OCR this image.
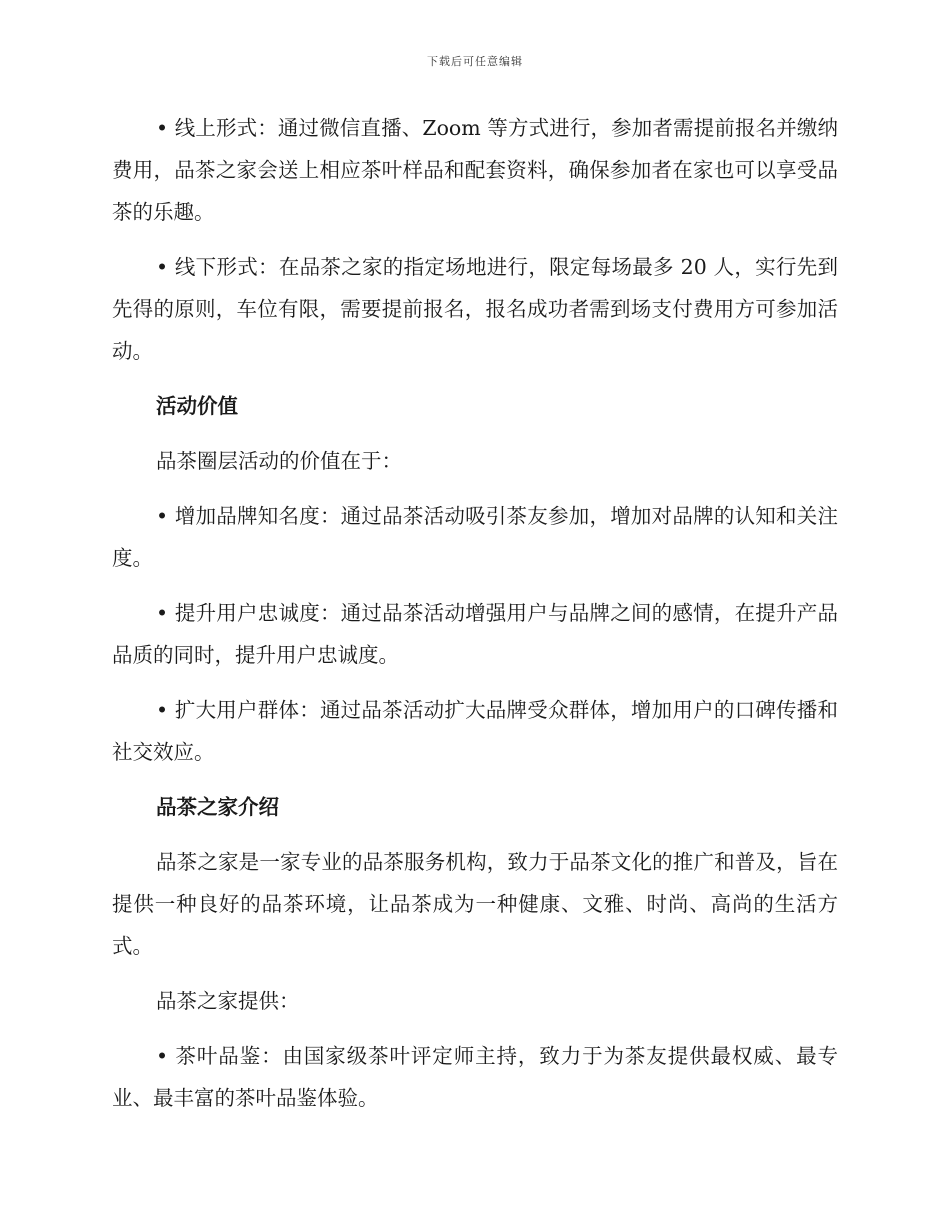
下载后可任意编辑

• 线上形式：通过微信直播、Zoom 等方式进行，参加者需提前报名并缴纳费用，品茶之家会送上相应茶叶样品和配套资料，确保参加者在家也可以享受品茶的乐趣。

• 线下形式：在品茶之家的指定场地进行，限定每场最多 20 人，实行先到先得的原则，车位有限，需要提前报名，报名成功者需到场支付费用方可参加活动。

活动价值

品茶圈层活动的价值在于：

• 增加品牌知名度：通过品茶活动吸引茶友参加，增加对品牌的认知和关注度。

• 提升用户忠诚度：通过品茶活动增强用户与品牌之间的感情，在提升产品品质的同时，提升用户忠诚度。

• 扩大用户群体：通过品茶活动扩大品牌受众群体，增加用户的口碑传播和社交效应。

品茶之家介绍

品茶之家是一家专业的品茶服务机构，致力于品茶文化的推广和普及，旨在提供一种良好的品茶环境，让品茶成为一种健康、文雅、时尚、高尚的生活方式。

品茶之家提供：

• 茶叶品鉴：由国家级茶叶评定师主持，致力于为茶友提供最权威、最专业、最丰富的茶叶品鉴体验。
